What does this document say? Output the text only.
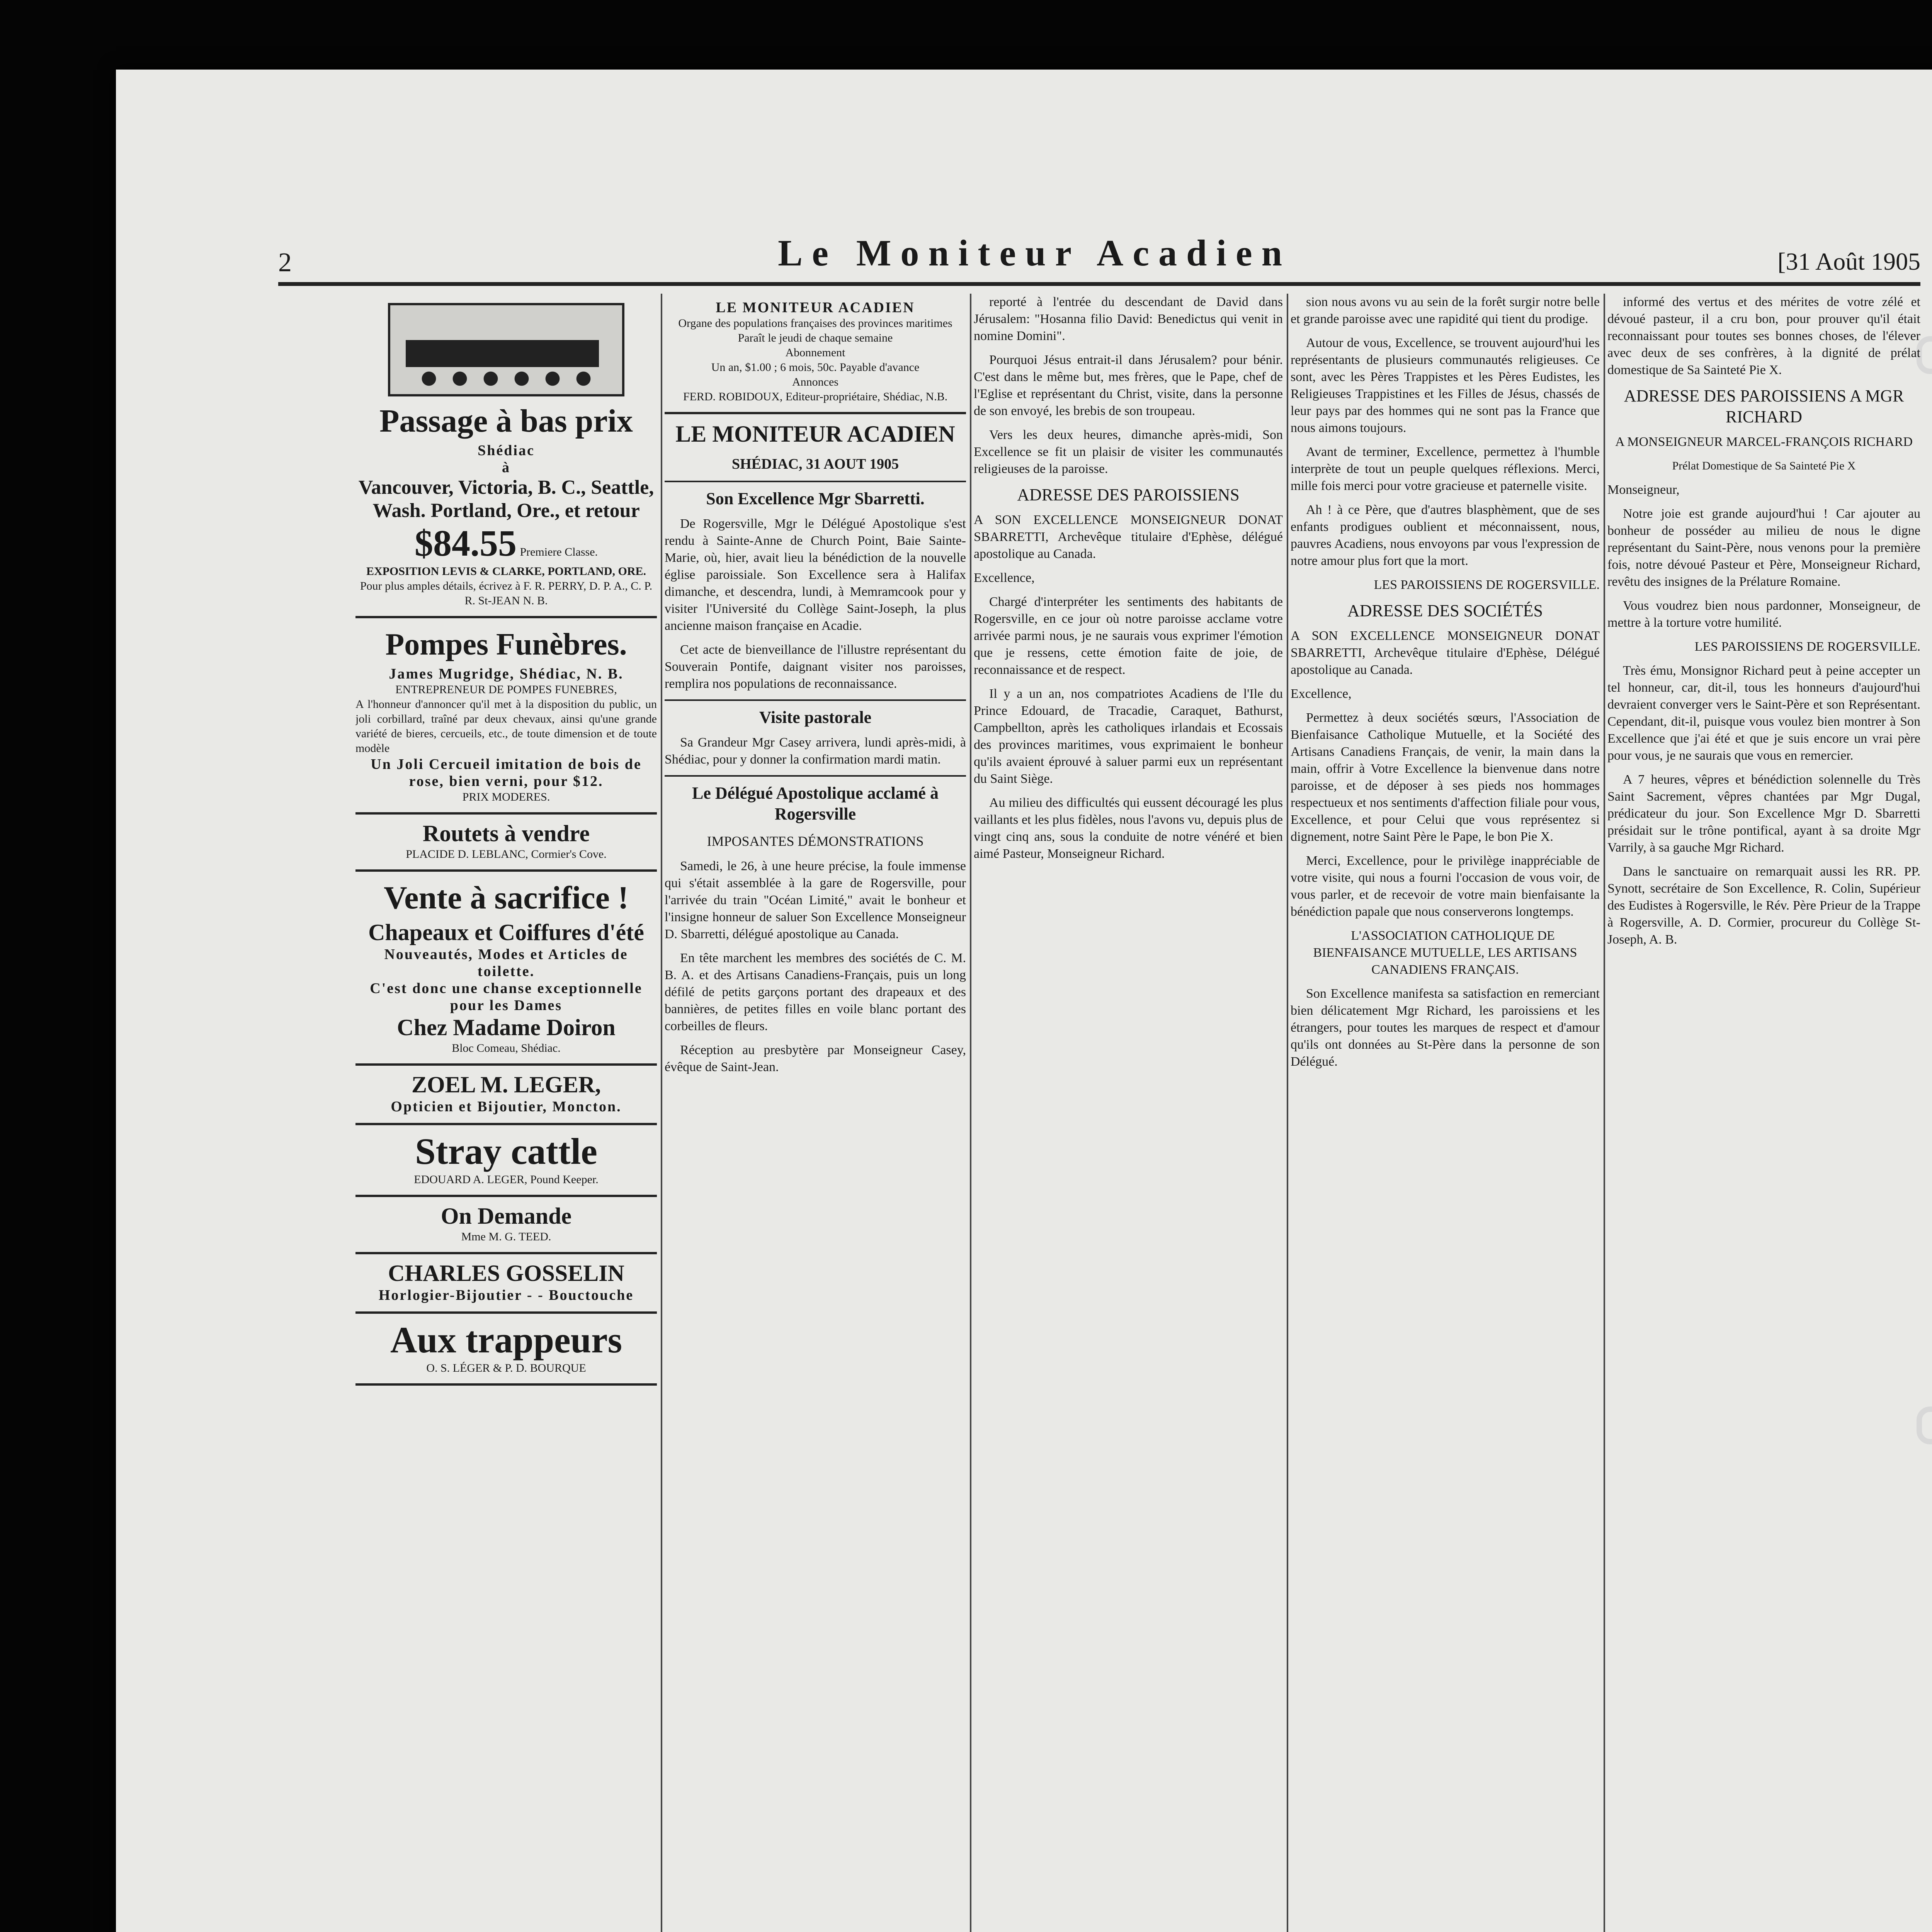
2	Le Moniteur Acadien	[31 Août 1905
Passage à bas prix
Shédiac
à
Vancouver, Victoria, B. C., Seattle, Wash. Portland, Ore., et retour
$84.55 Premiere Classe.
EXPOSITION LEVIS & CLARKE, PORTLAND, ORE.
Pour plus amples détails, écrivez à F. R. PERRY, D. P. A., C. P. R. St-JEAN N. B.
Pompes Funèbres.
James Mugridge, Shédiac, N. B.
ENTREPRENEUR DE POMPES FUNEBRES,
A l'honneur d'annoncer qu'il met à la disposition du public, un joli corbillard, traîné par deux chevaux, ainsi qu'une grande variété de bieres, cercueils, etc., de toute dimension et de toute modèle
Un Joli Cercueil imitation de bois de rose, bien verni, pour $12.
PRIX MODERES.
Routets à vendre
PLACIDE D. LEBLANC, Cormier's Cove.
Vente à sacrifice !
Chapeaux et Coiffures d'été
Nouveautés, Modes et Articles de toilette.
C'est donc une chanse exceptionnelle pour les Dames
Chez Madame Doiron
Bloc Comeau, Shédiac.
ZOEL M. LEGER,
Opticien et Bijoutier, Moncton.
Stray cattle
EDOUARD A. LEGER, Pound Keeper.
On Demande
Mme M. G. TEED.
CHARLES GOSSELIN
Horlogier-Bijoutier - - Bouctouche
Aux trappeurs
O. S. LÉGER & P. D. BOURQUE
LE MONITEUR ACADIEN
Organe des populations françaises des provinces maritimes
Paraît le jeudi de chaque semaine
Abonnement
Un an, $1.00 ; 6 mois, 50c. Payable d'avance
Annonces
FERD. ROBIDOUX, Editeur-propriétaire, Shédiac, N.B.
LE MONITEUR ACADIEN
SHÉDIAC, 31 AOUT 1905
Son Excellence Mgr Sbarretti.

De Rogersville, Mgr le Délégué Apostolique s'est rendu à Sainte-Anne de Church Point, Baie Sainte-Marie, où, hier, avait lieu la bénédiction de la nouvelle église paroissiale. Son Excellence sera à Halifax dimanche, et descendra, lundi, à Memramcook pour y visiter l'Université du Collège Saint-Joseph, la plus ancienne maison française en Acadie.

Cet acte de bienveillance de l'illustre représentant du Souverain Pontife, daignant visiter nos paroisses, remplira nos populations de reconnaissance.

Visite pastorale

Sa Grandeur Mgr Casey arrivera, lundi après-midi, à Shédiac, pour y donner la confirmation mardi matin.

Le Délégué Apostolique acclamé à Rogersville
IMPOSANTES DÉMONSTRATIONS

Samedi, le 26, à une heure précise, la foule immense qui s'était assemblée à la gare de Rogersville, pour l'arrivée du train "Océan Limité," avait le bonheur et l'insigne honneur de saluer Son Excellence Monseigneur D. Sbarretti, délégué apostolique au Canada.

En tête marchent les membres des sociétés de C. M. B. A. et des Artisans Canadiens-Français, puis un long défilé de petits garçons portant des drapeaux et des bannières, de petites filles en voile blanc portant des corbeilles de fleurs.

Réception au presbytère par Monseigneur Casey, évêque de Saint-Jean.

reporté à l'entrée du descendant de David dans Jérusalem: "Hosanna filio David: Benedictus qui venit in nomine Domini".

Pourquoi Jésus entrait-il dans Jérusalem? pour bénir. C'est dans le même but, mes frères, que le Pape, chef de l'Eglise et représentant du Christ, visite, dans la personne de son envoyé, les brebis de son troupeau.

Vers les deux heures, dimanche après-midi, Son Excellence se fit un plaisir de visiter les communautés religieuses de la paroisse.

ADRESSE DES PAROISSIENS

A SON EXCELLENCE MONSEIGNEUR DONAT SBARRETTI, Archevêque titulaire d'Ephèse, délégué apostolique au Canada.

Excellence,

Chargé d'interpréter les sentiments des habitants de Rogersville, en ce jour où notre paroisse acclame votre arrivée parmi nous, je ne saurais vous exprimer l'émotion que je ressens, cette émotion faite de joie, de reconnaissance et de respect.

Il y a un an, nos compatriotes Acadiens de l'Ile du Prince Edouard, de Tracadie, Caraquet, Bathurst, Campbellton, après les catholiques irlandais et Ecossais des provinces maritimes, vous exprimaient le bonheur qu'ils avaient éprouvé à saluer parmi eux un représentant du Saint Siège.

Au milieu des difficultés qui eussent découragé les plus vaillants et les plus fidèles, nous l'avons vu, depuis plus de vingt cinq ans, sous la conduite de notre vénéré et bien aimé Pasteur, Monseigneur Richard.

sion nous avons vu au sein de la forêt surgir notre belle et grande paroisse avec une rapidité qui tient du prodige.

Autour de vous, Excellence, se trouvent aujourd'hui les représentants de plusieurs communautés religieuses. Ce sont, avec les Pères Trappistes et les Pères Eudistes, les Religieuses Trappistines et les Filles de Jésus, chassés de leur pays par des hommes qui ne sont pas la France que nous aimons toujours.

Avant de terminer, Excellence, permettez à l'humble interprète de tout un peuple quelques réflexions. Merci, mille fois merci pour votre gracieuse et paternelle visite.

Ah ! à ce Père, que d'autres blasphèment, que de ses enfants prodigues oublient et méconnaissent, nous, pauvres Acadiens, nous envoyons par vous l'expression de notre amour plus fort que la mort.

LES PAROISSIENS DE ROGERSVILLE.

ADRESSE DES SOCIÉTÉS

A SON EXCELLENCE MONSEIGNEUR DONAT SBARRETTI, Archevêque titulaire d'Ephèse, Délégué apostolique au Canada.

Excellence,

Permettez à deux sociétés sœurs, l'Association de Bienfaisance Catholique Mutuelle, et la Société des Artisans Canadiens Français, de venir, la main dans la main, offrir à Votre Excellence la bienvenue dans notre paroisse, et de déposer à ses pieds nos hommages respectueux et nos sentiments d'affection filiale pour vous, Excellence, et pour Celui que vous représentez si dignement, notre Saint Père le Pape, le bon Pie X.

Merci, Excellence, pour le privilège inappréciable de votre visite, qui nous a fourni l'occasion de vous voir, de vous parler, et de recevoir de votre main bienfaisante la bénédiction papale que nous conserverons longtemps.

L'ASSOCIATION CATHOLIQUE DE BIENFAISANCE MUTUELLE, LES ARTISANS CANADIENS FRANÇAIS.

Son Excellence manifesta sa satisfaction en remerciant bien délicatement Mgr Richard, les paroissiens et les étrangers, pour toutes les marques de respect et d'amour qu'ils ont données au St-Père dans la personne de son Délégué.

informé des vertus et des mérites de votre zélé et dévoué pasteur, il a cru bon, pour prouver qu'il était reconnaissant pour toutes ses bonnes choses, de l'élever avec deux de ses confrères, à la dignité de prélat domestique de Sa Sainteté Pie X.

ADRESSE DES PAROISSIENS A MGR RICHARD

A MONSEIGNEUR MARCEL-FRANÇOIS RICHARD

Prélat Domestique de Sa Sainteté Pie X

Monseigneur,

Notre joie est grande aujourd'hui ! Car ajouter au bonheur de posséder au milieu de nous le digne représentant du Saint-Père, nous venons pour la première fois, notre dévoué Pasteur et Père, Monseigneur Richard, revêtu des insignes de la Prélature Romaine.

Vous voudrez bien nous pardonner, Monseigneur, de mettre à la torture votre humilité.

LES PAROISSIENS DE ROGERSVILLE.

Très ému, Monsignor Richard peut à peine accepter un tel honneur, car, dit-il, tous les honneurs d'aujourd'hui devraient converger vers le Saint-Père et son Représentant. Cependant, dit-il, puisque vous voulez bien montrer à Son Excellence que j'ai été et que je suis encore un vrai père pour vous, je ne saurais que vous en remercier.

A 7 heures, vêpres et bénédiction solennelle du Très Saint Sacrement, vêpres chantées par Mgr Dugal, prédicateur du jour. Son Excellence Mgr D. Sbarretti présidait sur le trône pontifical, ayant à sa droite Mgr Varrily, à sa gauche Mgr Richard.

Dans le sanctuaire on remarquait aussi les RR. PP. Synott, secrétaire de Son Excellence, R. Colin, Supérieur des Eudistes à Rogersville, le Rév. Père Prieur de la Trappe à Rogersville, A. D. Cormier, procureur du Collège St-Joseph, A. B.
